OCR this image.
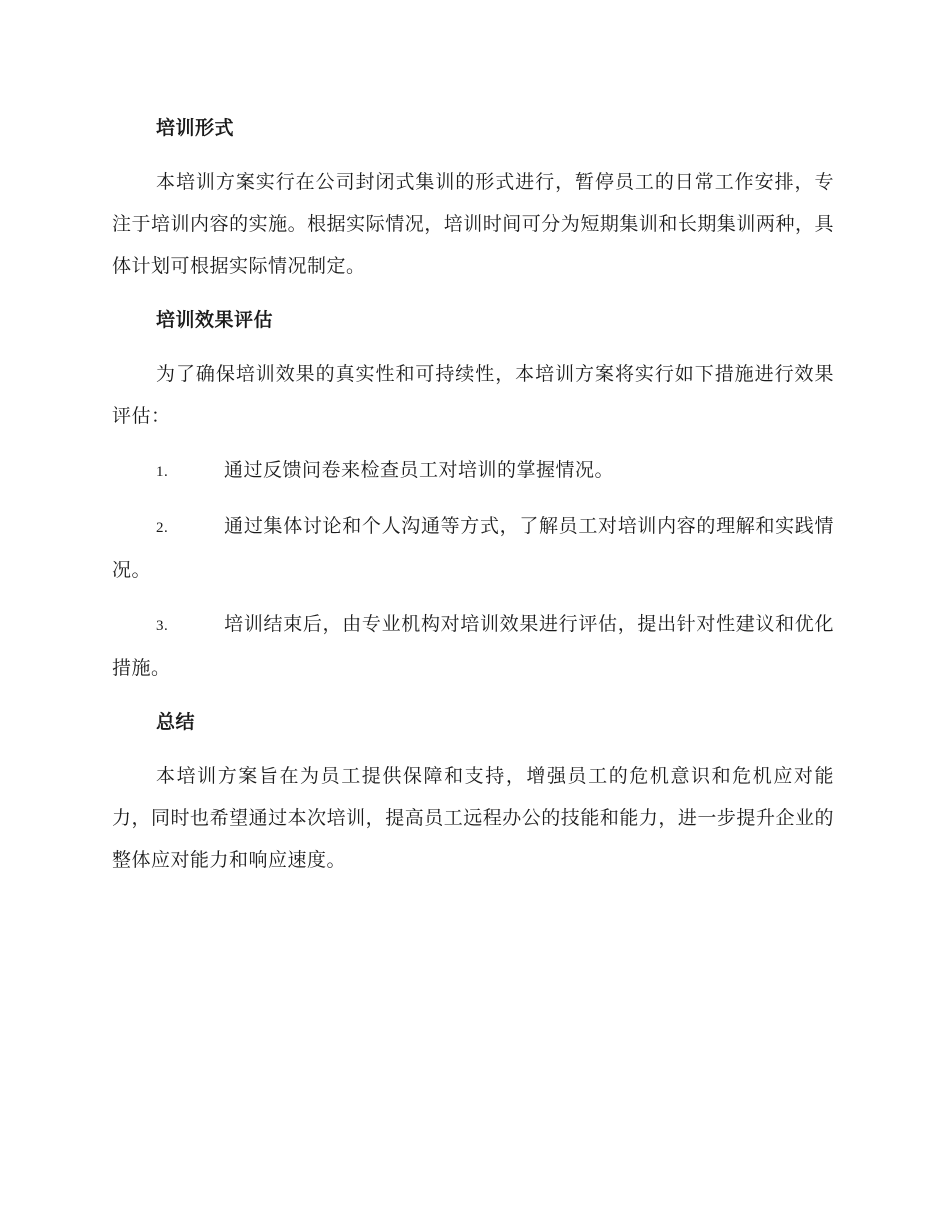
培训形式
本培训方案实行在公司封闭式集训的形式进行，暂停员工的日常工作安排，专注于培训内容的实施。根据实际情况，培训时间可分为短期集训和长期集训两种，具体计划可根据实际情况制定。
培训效果评估
为了确保培训效果的真实性和可持续性，本培训方案将实行如下措施进行效果评估：
1.	通过反馈问卷来检查员工对培训的掌握情况。
2.	通过集体讨论和个人沟通等方式，了解员工对培训内容的理解和实践情况。
3.	培训结束后，由专业机构对培训效果进行评估，提出针对性建议和优化措施。
总结
本培训方案旨在为员工提供保障和支持，增强员工的危机意识和危机应对能力，同时也希望通过本次培训，提高员工远程办公的技能和能力，进一步提升企业的整体应对能力和响应速度。
